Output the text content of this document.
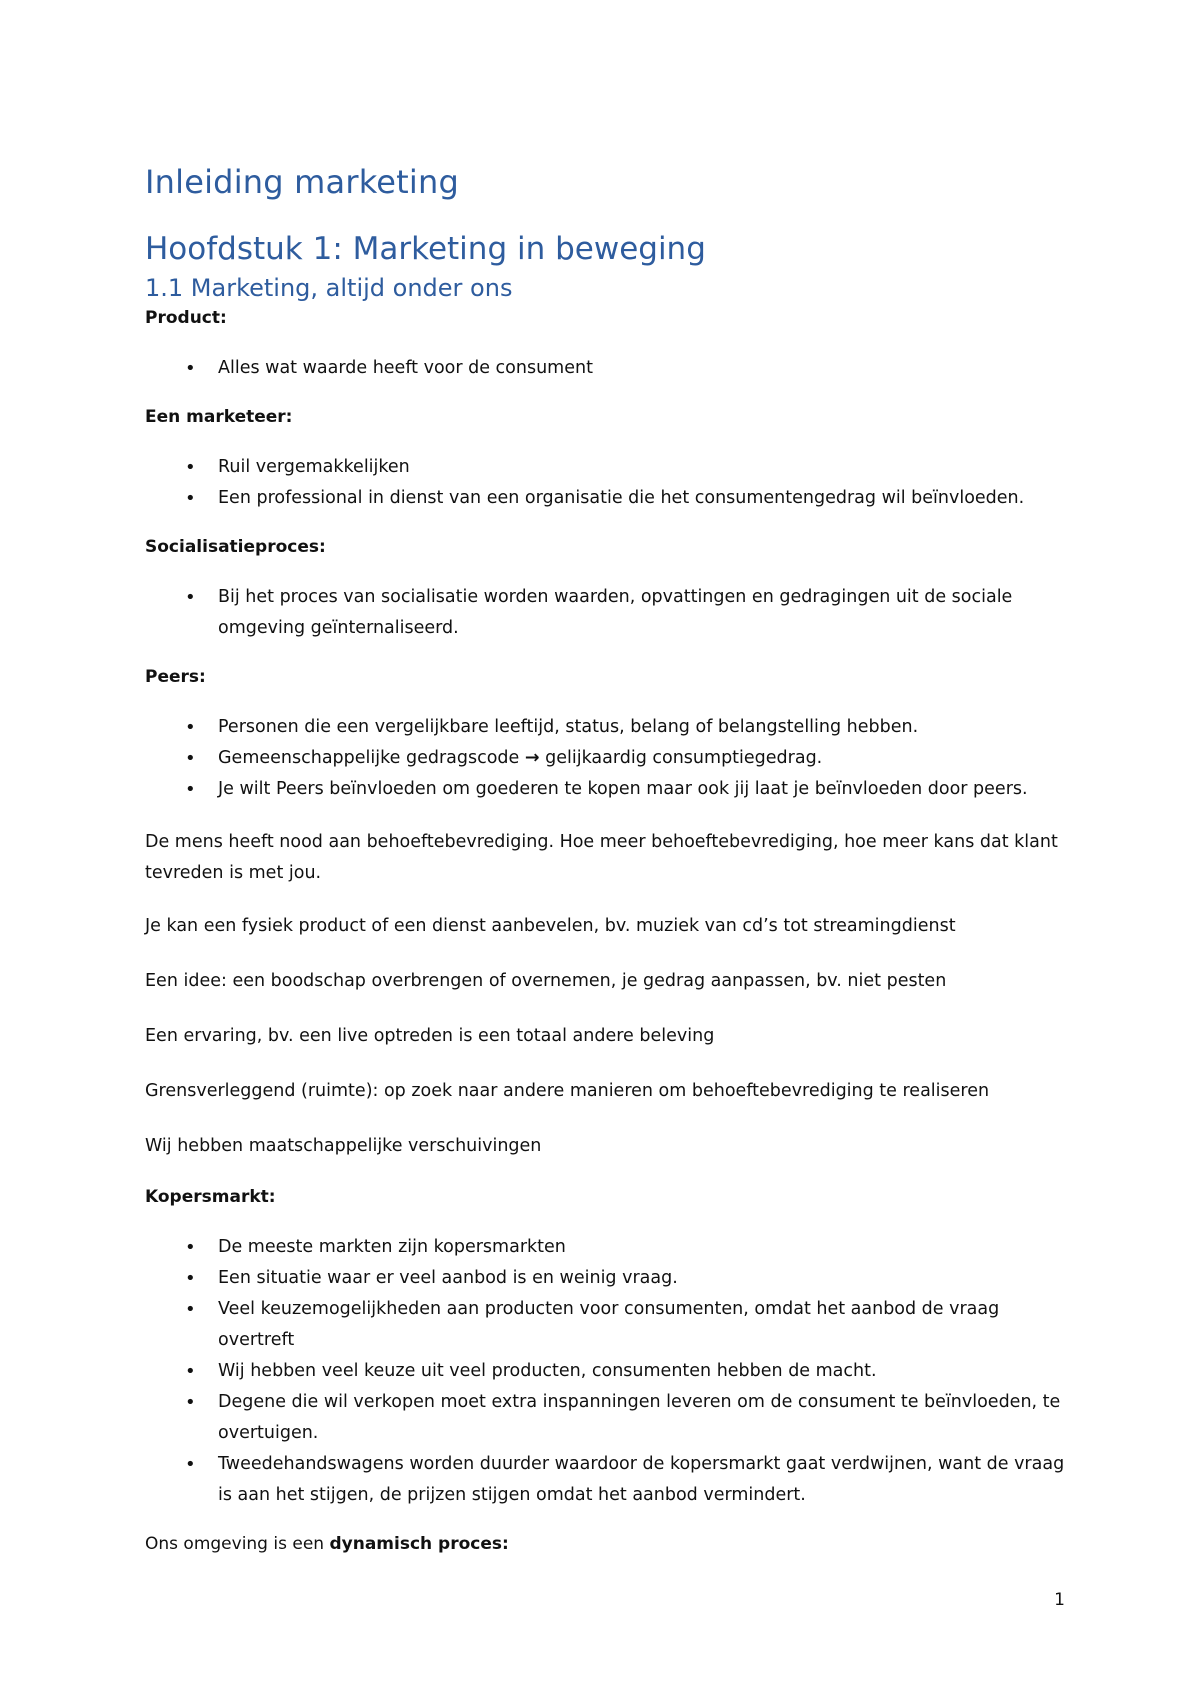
Inleiding marketing
Hoofdstuk 1: Marketing in beweging
1.1 Marketing, altijd onder ons
Product:
• Alles wat waarde heeft voor de consument
Een marketeer:
• Ruil vergemakkelijken
• Een professional in dienst van een organisatie die het consumentengedrag wil beïnvloeden.
Socialisatieproces:
• Bij het proces van socialisatie worden waarden, opvattingen en gedragingen uit de sociale omgeving geïnternaliseerd.
Peers:
• Personen die een vergelijkbare leeftijd, status, belang of belangstelling hebben.
• Gemeenschappelijke gedragscode → gelijkaardig consumptiegedrag.
• Je wilt Peers beïnvloeden om goederen te kopen maar ook jij laat je beïnvloeden door peers.

De mens heeft nood aan behoeftebevrediging. Hoe meer behoeftebevrediging, hoe meer kans dat klant tevreden is met jou.

Je kan een fysiek product of een dienst aanbevelen, bv. muziek van cd’s tot streamingdienst

Een idee: een boodschap overbrengen of overnemen, je gedrag aanpassen, bv. niet pesten

Een ervaring, bv. een live optreden is een totaal andere beleving

Grensverleggend (ruimte): op zoek naar andere manieren om behoeftebevrediging te realiseren

Wij hebben maatschappelijke verschuivingen

Kopersmarkt:
• De meeste markten zijn kopersmarkten
• Een situatie waar er veel aanbod is en weinig vraag.
• Veel keuzemogelijkheden aan producten voor consumenten, omdat het aanbod de vraag overtreft
• Wij hebben veel keuze uit veel producten, consumenten hebben de macht.
• Degene die wil verkopen moet extra inspanningen leveren om de consument te beïnvloeden, te overtuigen.
• Tweedehandswagens worden duurder waardoor de kopersmarkt gaat verdwijnen, want de vraag is aan het stijgen, de prijzen stijgen omdat het aanbod vermindert.
Ons omgeving is een dynamisch proces:
1
